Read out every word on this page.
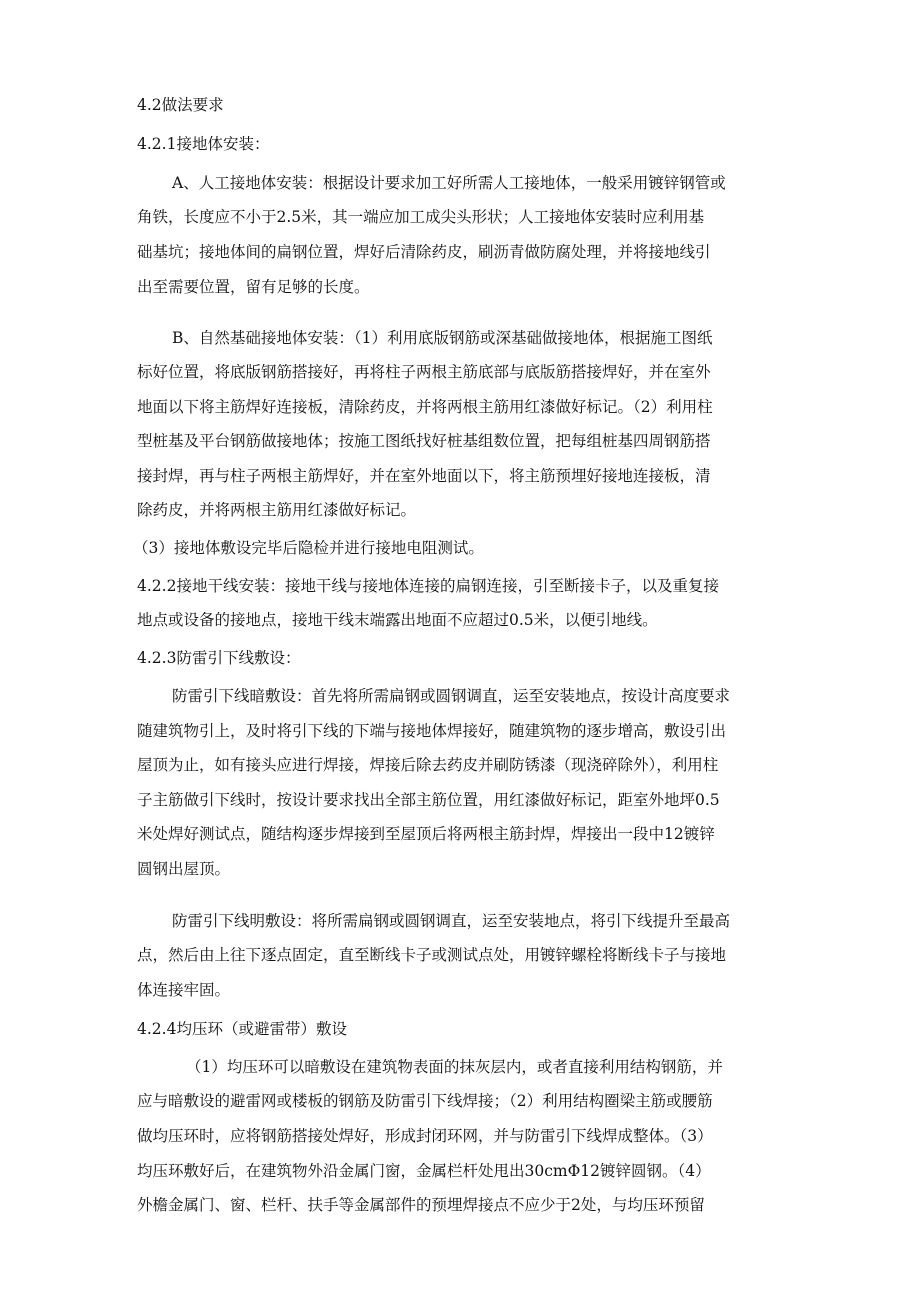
4.2做法要求
4.2.1接地体安装：
A、人工接地体安装：根据设计要求加工好所需人工接地体，一般采用镀锌钢管或
角铁，长度应不小于2.5米，其一端应加工成尖头形状；人工接地体安装时应利用基
础基坑；接地体间的扁钢位置，焊好后清除药皮，刷沥青做防腐处理，并将接地线引
出至需要位置，留有足够的长度。
B、自然基础接地体安装：（1）利用底版钢筋或深基础做接地体，根据施工图纸
标好位置，将底版钢筋搭接好，再将柱子两根主筋底部与底版筋搭接焊好，并在室外
地面以下将主筋焊好连接板，清除药皮，并将两根主筋用红漆做好标记。（2）利用柱
型桩基及平台钢筋做接地体；按施工图纸找好桩基组数位置，把每组桩基四周钢筋搭
接封焊，再与柱子两根主筋焊好，并在室外地面以下，将主筋预埋好接地连接板，清
除药皮，并将两根主筋用红漆做好标记。
（3）接地体敷设完毕后隐检并进行接地电阻测试。
4.2.2接地干线安装：接地干线与接地体连接的扁钢连接，引至断接卡子，以及重复接
地点或设备的接地点，接地干线末端露出地面不应超过0.5米，以便引地线。
4.2.3防雷引下线敷设：
防雷引下线暗敷设：首先将所需扁钢或圆钢调直，运至安装地点，按设计高度要求
随建筑物引上，及时将引下线的下端与接地体焊接好，随建筑物的逐步增高，敷设引出
屋顶为止，如有接头应进行焊接，焊接后除去药皮并刷防锈漆（现浇碎除外），利用柱
子主筋做引下线时，按设计要求找出全部主筋位置，用红漆做好标记，距室外地坪0.5
米处焊好测试点，随结构逐步焊接到至屋顶后将两根主筋封焊，焊接出一段中12镀锌
圆钢出屋顶。
防雷引下线明敷设：将所需扁钢或圆钢调直，运至安装地点，将引下线提升至最高
点，然后由上往下逐点固定，直至断线卡子或测试点处，用镀锌螺栓将断线卡子与接地
体连接牢固。
4.2.4均压环（或避雷带）敷设
（1）均压环可以暗敷设在建筑物表面的抹灰层内，或者直接利用结构钢筋，并
应与暗敷设的避雷网或楼板的钢筋及防雷引下线焊接；（2）利用结构圈梁主筋或腰筋
做均压环时，应将钢筋搭接处焊好，形成封闭环网，并与防雷引下线焊成整体。（3）
均压环敷好后，在建筑物外沿金属门窗，金属栏杆处甩出30cmΦ12镀锌圆钢。（4）
外檐金属门、窗、栏杆、扶手等金属部件的预埋焊接点不应少于2处，与均压环预留
